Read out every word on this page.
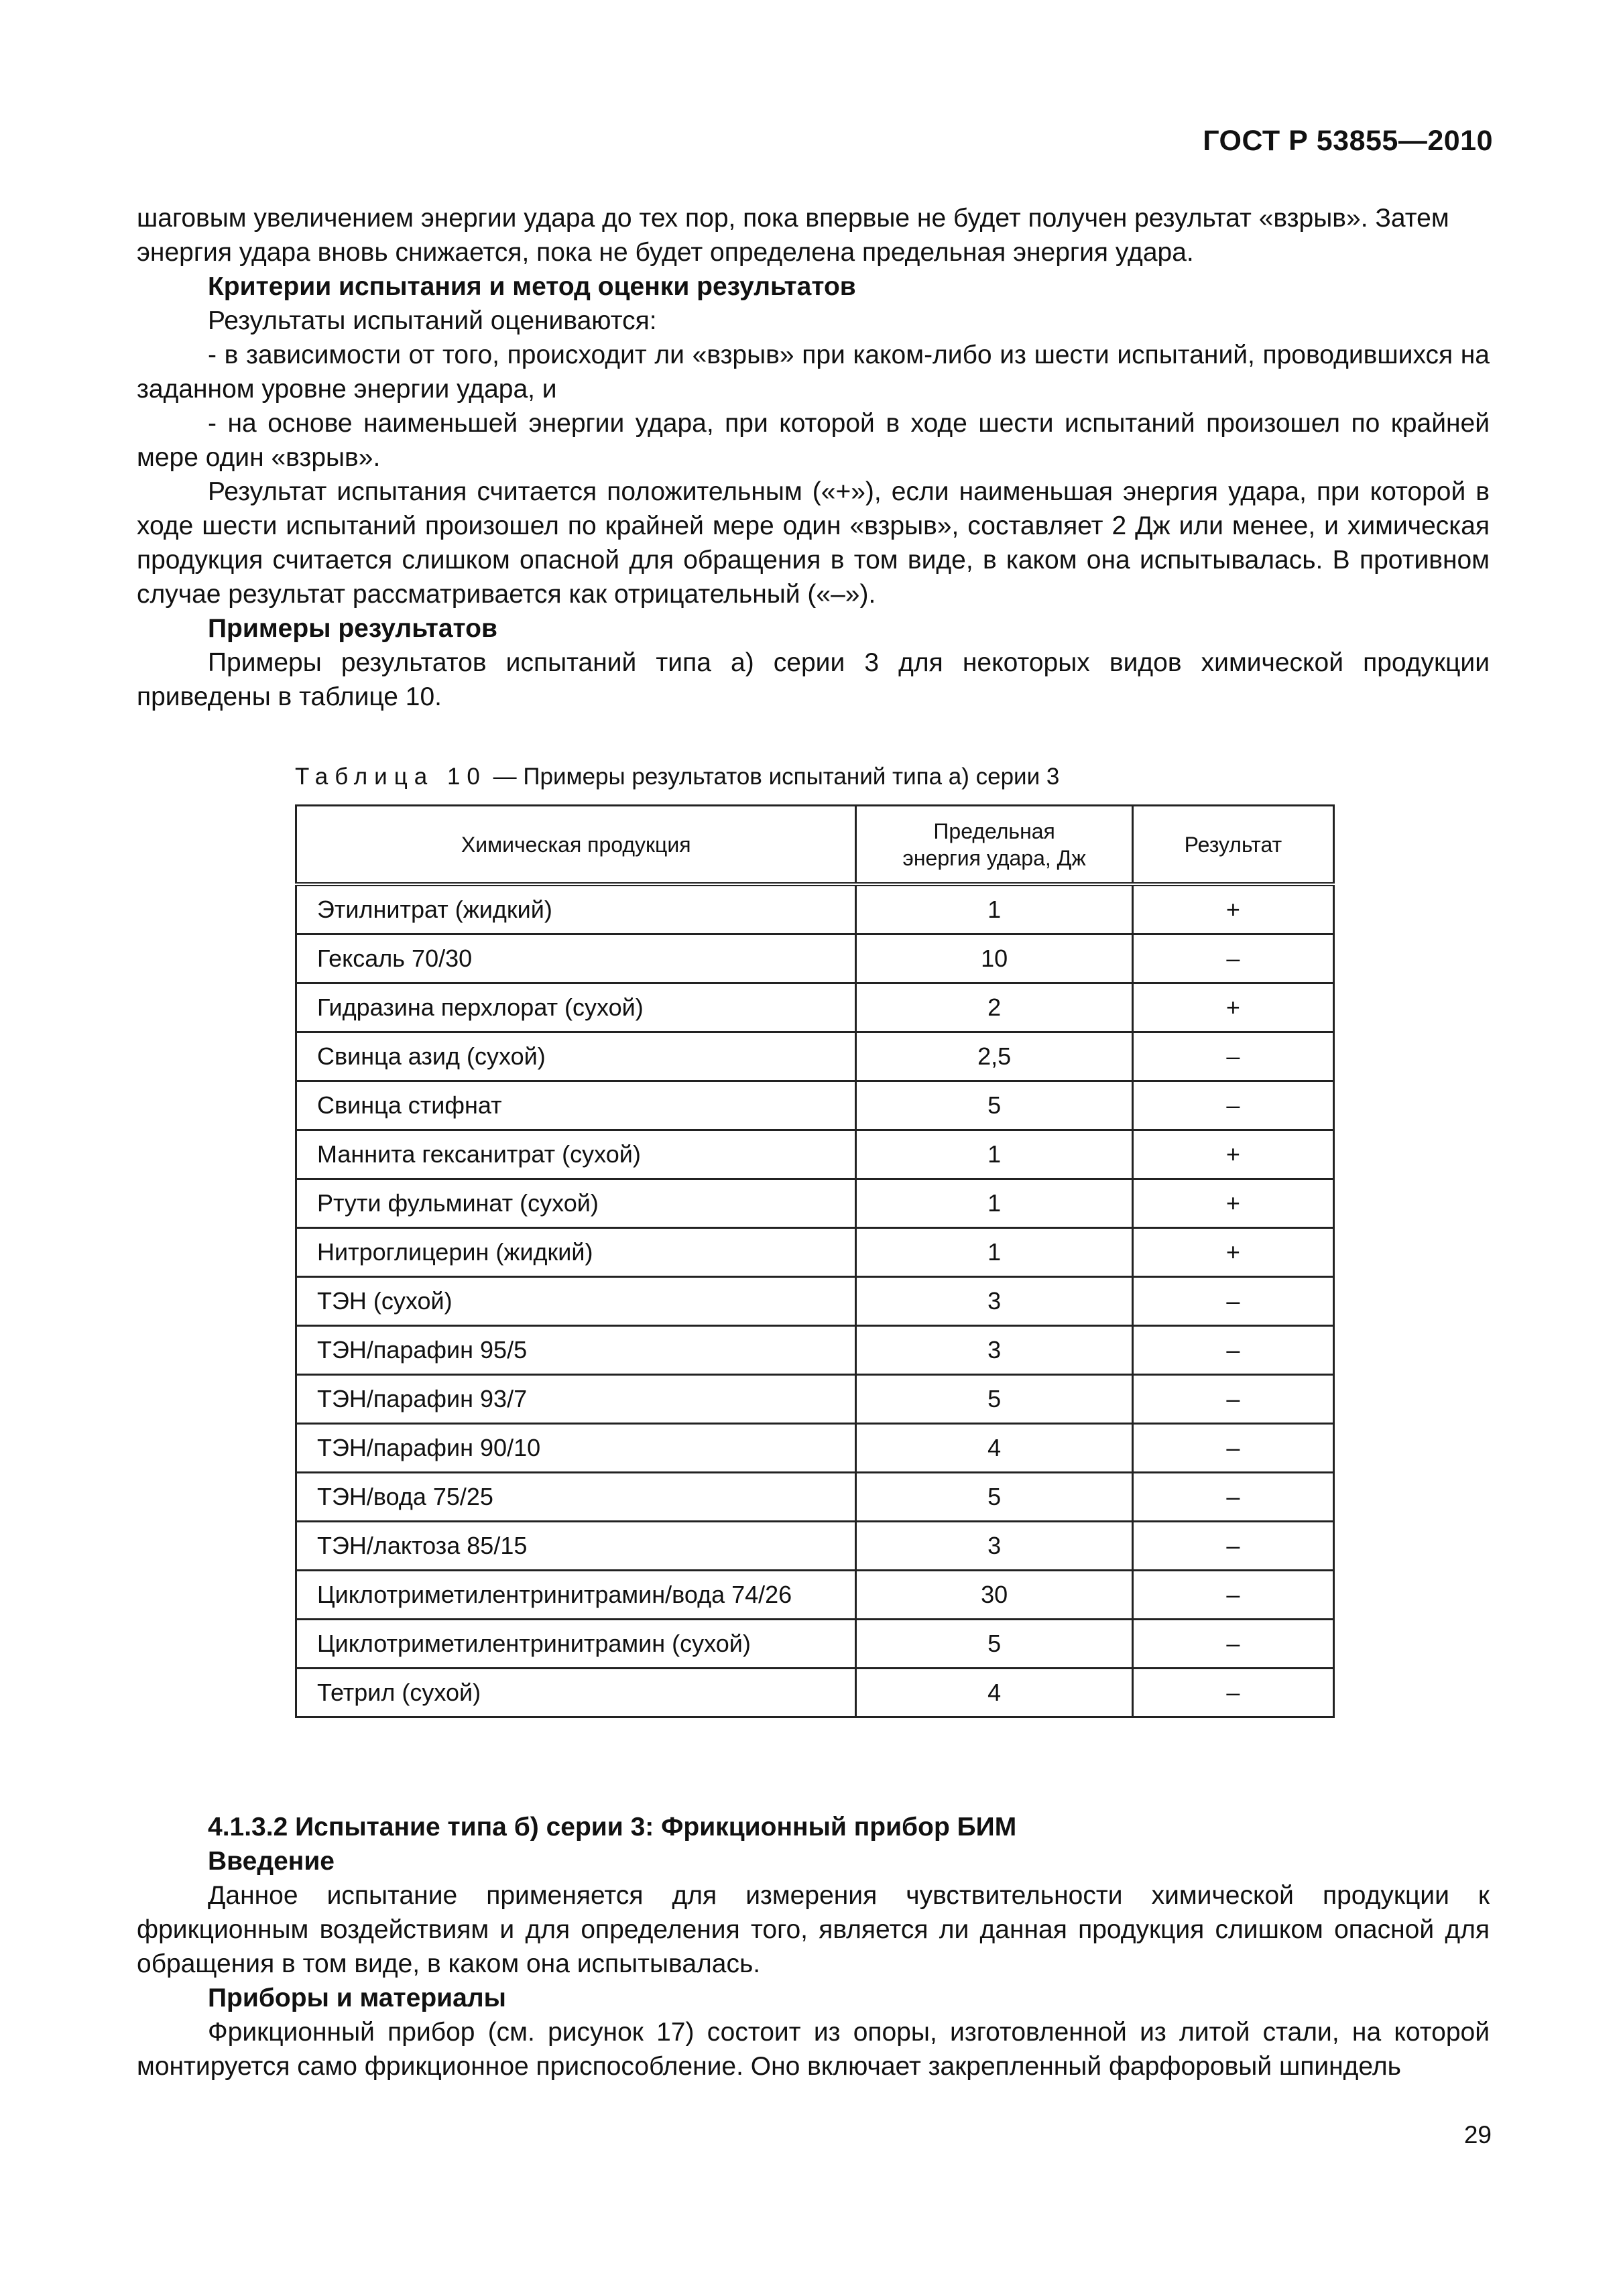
ГОСТ Р 53855—2010

шаговым увеличением энергии удара до тех пор, пока впервые не будет получен результат «взрыв». Затем
энергия удара вновь снижается, пока не будет определена предельная энергия удара.

Критерии испытания и метод оценки результатов

Результаты испытаний оцениваются:

- в зависимости от того, происходит ли «взрыв» при каком-либо из шести испытаний, проводившихся на заданном уровне энергии удара, и

- на основе наименьшей энергии удара, при которой в ходе шести испытаний произошел по крайней мере один «взрыв».

Результат испытания считается положительным («+»), если наименьшая энергия удара, при которой в ходе шести испытаний произошел по крайней мере один «взрыв», составляет 2 Дж или менее, и химическая продукция считается слишком опасной для обращения в том виде, в каком она испытывалась. В противном случае результат рассматривается как отрицательный («–»).

Примеры результатов

Примеры результатов испытаний типа а) серии 3 для некоторых видов химической продукции приведены в таблице 10.

Таблица 10 — Примеры результатов испытаний типа а) серии 3
Химическая продукция	Предельная энергия удара, Дж	Результат
Этилнитрат (жидкий)	1	+
Гексаль 70/30	10	–
Гидразина перхлорат (сухой)	2	+
Свинца азид (сухой)	2,5	–
Свинца стифнат	5	–
Маннита гексанитрат (сухой)	1	+
Ртути фульминат (сухой)	1	+
Нитроглицерин (жидкий)	1	+
ТЭН (сухой)	3	–
ТЭН/парафин 95/5	3	–
ТЭН/парафин 93/7	5	–
ТЭН/парафин 90/10	4	–
ТЭН/вода 75/25	5	–
ТЭН/лактоза 85/15	3	–
Циклотриметилентринитрамин/вода 74/26	30	–
Циклотриметилентринитрамин (сухой)	5	–
Тетрил (сухой)	4	–

4.1.3.2 Испытание типа б) серии 3: Фрикционный прибор БИМ

Введение

Данное испытание применяется для измерения чувствительности химической продукции к фрикционным воздействиям и для определения того, является ли данная продукция слишком опасной для обращения в том виде, в каком она испытывалась.

Приборы и материалы

Фрикционный прибор (см. рисунок 17) состоит из опоры, изготовленной из литой стали, на которой монтируется само фрикционное приспособление. Оно включает закрепленный фарфоровый шпиндель

29
